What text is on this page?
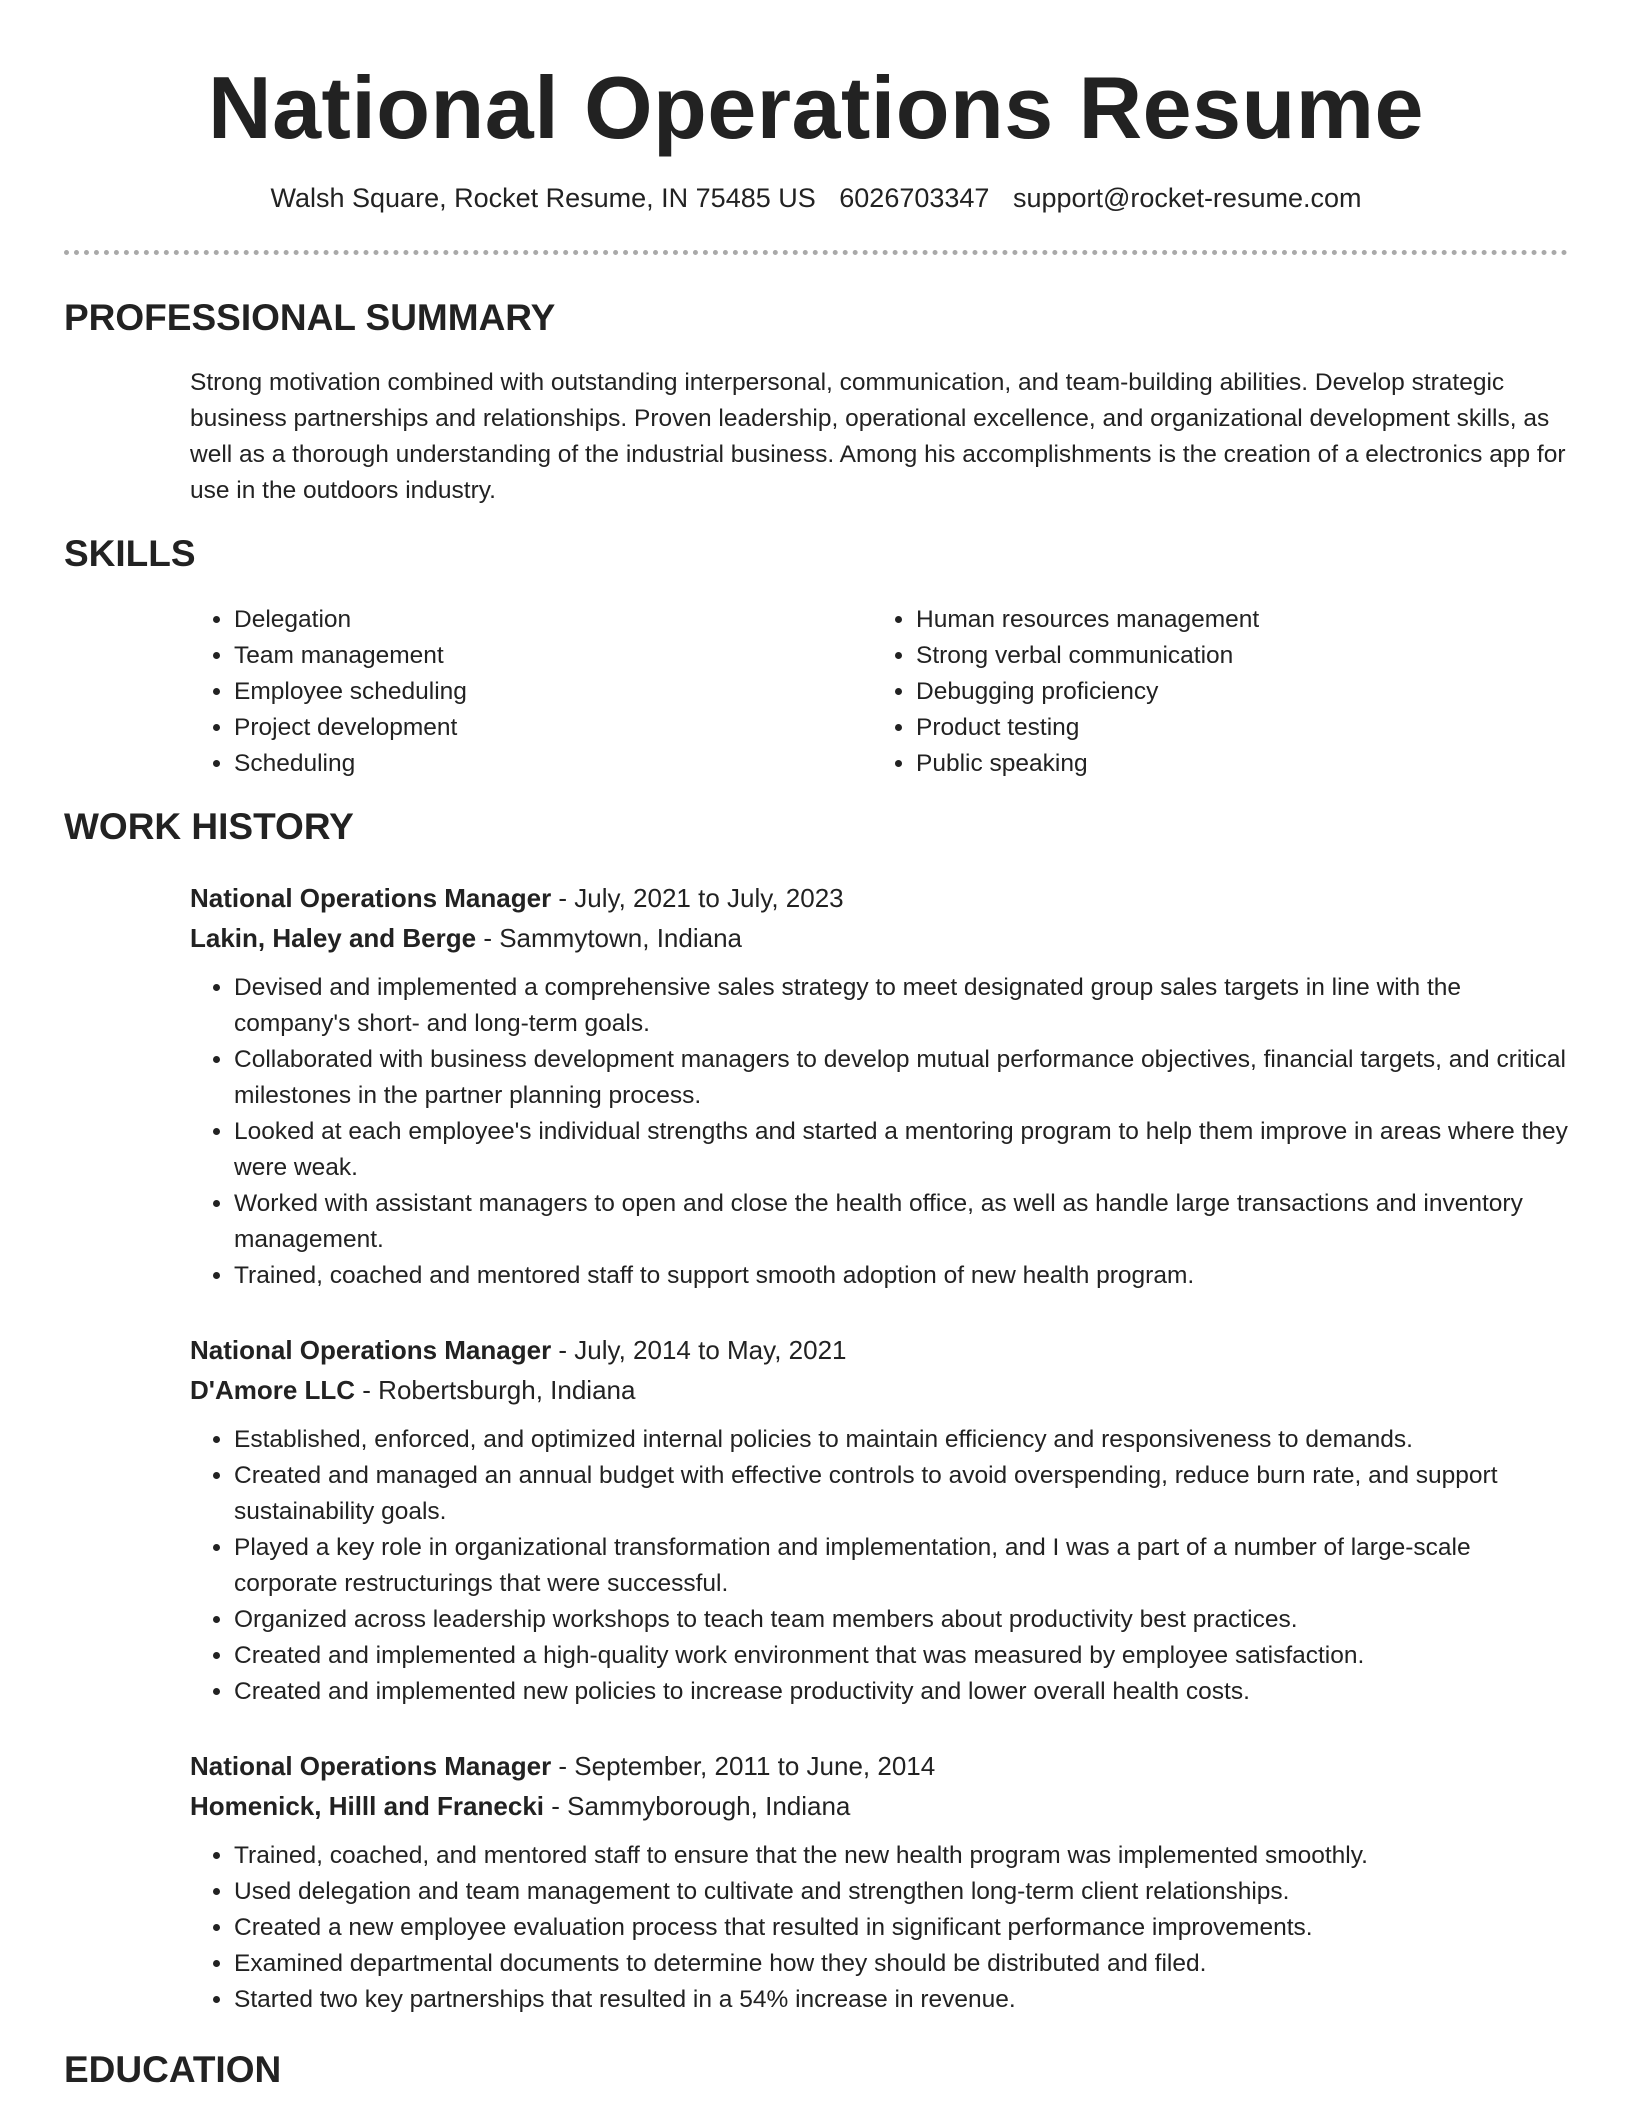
National Operations Resume
Walsh Square, Rocket Resume, IN 75485 US 6026703347 support@rocket-resume.com
PROFESSIONAL SUMMARY
Strong motivation combined with outstanding interpersonal, communication, and team-building abilities. Develop strategic business partnerships and relationships. Proven leadership, operational excellence, and organizational development skills, as well as a thorough understanding of the industrial business. Among his accomplishments is the creation of a electronics app for use in the outdoors industry.
SKILLS
• Delegation
• Team management
• Employee scheduling
• Project development
• Scheduling
• Human resources management
• Strong verbal communication
• Debugging proficiency
• Product testing
• Public speaking
WORK HISTORY
National Operations Manager - July, 2021 to July, 2023
Lakin, Haley and Berge - Sammytown, Indiana
• Devised and implemented a comprehensive sales strategy to meet designated group sales targets in line with the company's short- and long-term goals.
• Collaborated with business development managers to develop mutual performance objectives, financial targets, and critical milestones in the partner planning process.
• Looked at each employee's individual strengths and started a mentoring program to help them improve in areas where they were weak.
• Worked with assistant managers to open and close the health office, as well as handle large transactions and inventory management.
• Trained, coached and mentored staff to support smooth adoption of new health program.
National Operations Manager - July, 2014 to May, 2021
D'Amore LLC - Robertsburgh, Indiana
• Established, enforced, and optimized internal policies to maintain efficiency and responsiveness to demands.
• Created and managed an annual budget with effective controls to avoid overspending, reduce burn rate, and support sustainability goals.
• Played a key role in organizational transformation and implementation, and I was a part of a number of large-scale corporate restructurings that were successful.
• Organized across leadership workshops to teach team members about productivity best practices.
• Created and implemented a high-quality work environment that was measured by employee satisfaction.
• Created and implemented new policies to increase productivity and lower overall health costs.
National Operations Manager - September, 2011 to June, 2014
Homenick, Hilll and Franecki - Sammyborough, Indiana
• Trained, coached, and mentored staff to ensure that the new health program was implemented smoothly.
• Used delegation and team management to cultivate and strengthen long-term client relationships.
• Created a new employee evaluation process that resulted in significant performance improvements.
• Examined departmental documents to determine how they should be distributed and filed.
• Started two key partnerships that resulted in a 54% increase in revenue.
EDUCATION
